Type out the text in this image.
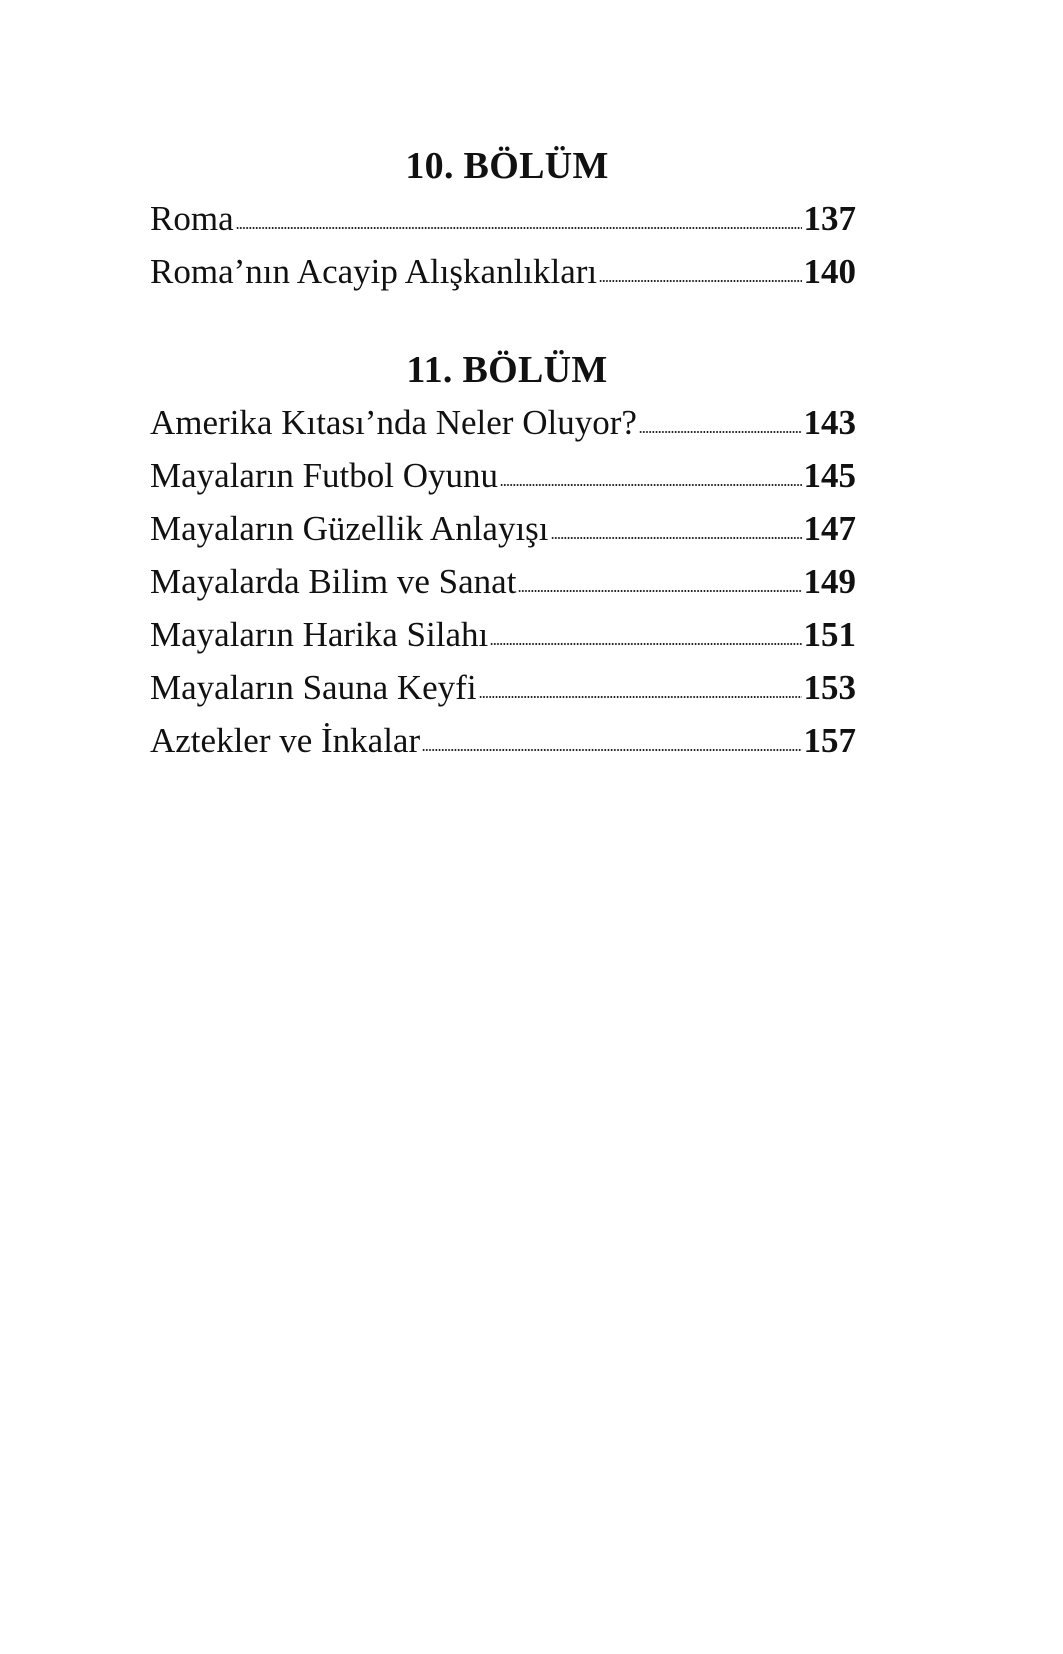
10. BÖLÜM
Roma	137
Roma’nın Acayip Alışkanlıkları	140
11. BÖLÜM
Amerika Kıtası’nda Neler Oluyor?	143
Mayaların Futbol Oyunu	145
Mayaların Güzellik Anlayışı	147
Mayalarda Bilim ve Sanat	149
Mayaların Harika Silahı	151
Mayaların Sauna Keyfi	153
Aztekler ve İnkalar	157
